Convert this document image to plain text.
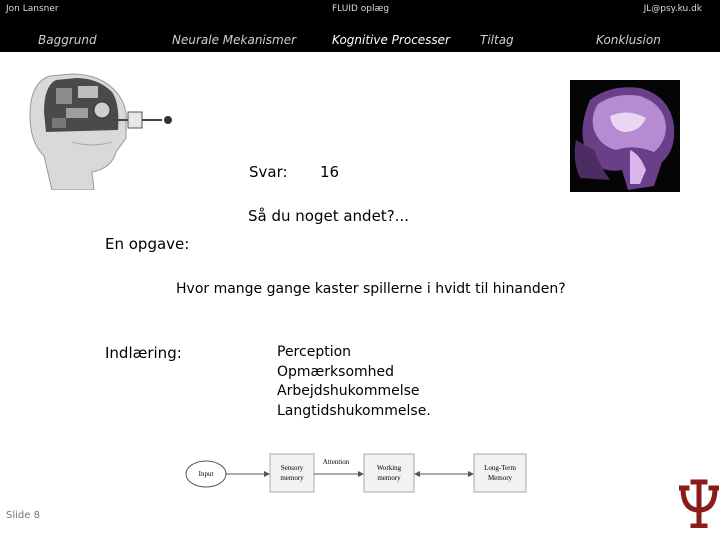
Jon Lansner	FLUID oplæg	JL@psy.ku.dk
Baggrund	Neurale Mekanismer	Kognitive Processer	Tiltag	Konklusion
Svar: 16
Så du noget andet?...
En opgave:
Hvor mange gange kaster spillerne i hvidt til hinanden?
Indlæring:	Perception
Opmærksomhed
Arbejdshukommelse
Langtidshukommelse.
Input
Sensory
memory
Attention
Working
memory
Long-Term
Memory
Slide 8
